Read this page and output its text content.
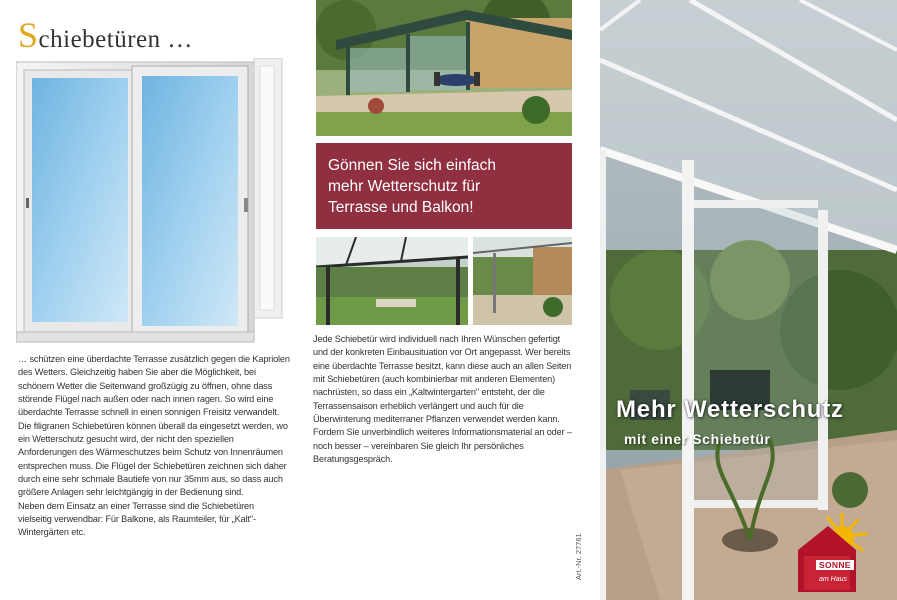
Schiebetüren …

… schützen eine überdachte Terrasse zusätzlich gegen die Kapriolen des Wetters. Gleichzeitig haben Sie aber die Möglichkeit, bei schönem Wetter die Seitenwand großzügig zu öffnen, ohne dass störende Flügel nach außen oder nach innen ragen. So wird eine überdachte Terrasse schnell in einen sonnigen Freisitz verwandelt.

Die filigranen Schiebetüren können überall da eingesetzt werden, wo ein Wetterschutz gesucht wird, der nicht den speziellen Anforderungen des Wärmeschutzes beim Schutz von Innenräumen entsprechen muss. Die Flügel der Schiebetüren zeichnen sich daher durch eine sehr schmale Bautiefe von nur 35mm aus, so dass auch größere Anlagen sehr leichtgängig in der Bedienung sind.

Neben dem Einsatz an einer Terrasse sind die Schiebetüren vielseitig verwendbar: Für Balkone, als Raumteiler, für „Kalt"-Wintergärten etc.

Gönnen Sie sich einfach
mehr Wetterschutz für
Terrasse und Balkon!
Jede Schiebetür wird individuell nach Ihren Wünschen gefertigt und der konkreten Einbausituation vor Ort angepasst. Wer bereits eine überdachte Terrasse besitzt, kann diese auch an allen Seiten mit Schiebetüren (auch kombinierbar mit anderen Elementen) nachrüsten, so dass ein „Kaltwintergarten" entsteht, der die Terrassensaison erheblich verlängert und auch für die Überwinterung mediterraner Pflanzen verwendet werden kann. Fordern Sie unverbindlich weiteres Informationsmaterial an oder – noch besser – vereinbaren Sie gleich Ihr persönliches Beratungsgespräch.
Art.-Nr. 27761
Mehr Wetterschutz
mit einer Schiebetür
SONNE
am Haus
